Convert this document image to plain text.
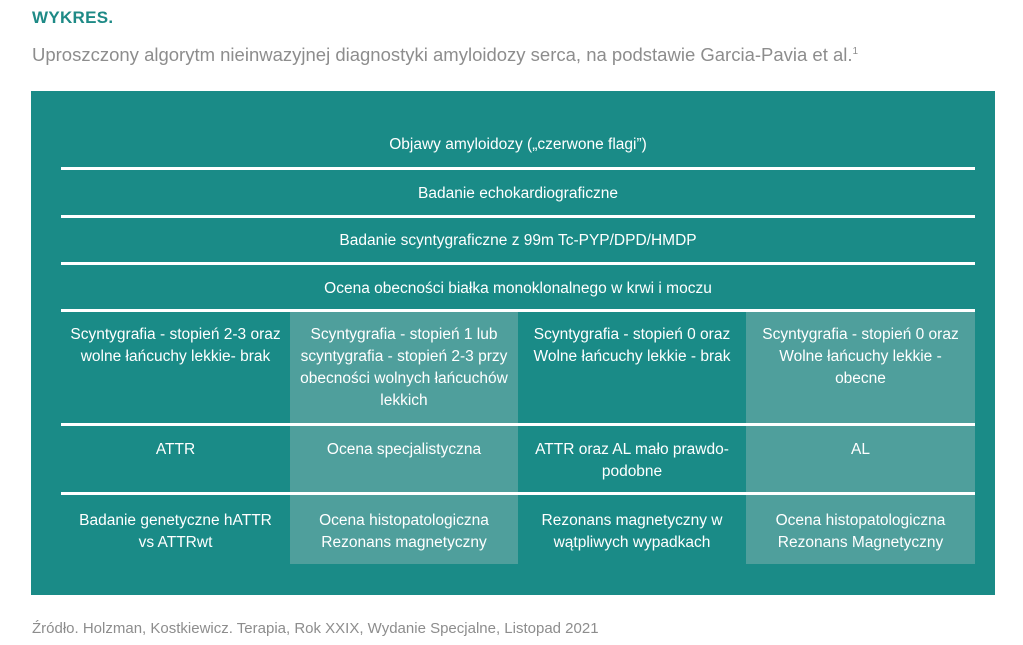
WYKRES.
Uproszczony algorytm nieinwazyjnej diagnostyki amyloidozy serca, na podstawie Garcia-Pavia et al.$^1$
Objawy amyloidozy („czerwone flagi”)
Badanie echokardiograficzne
Badanie scyntygraficzne z 99m Tc-PYP/DPD/HMDP
Ocena obecności białka monoklonalnego w krwi i moczu
Scyntygrafia - stopień 2-3 oraz wolne łańcuchy lekkie- brak
Scyntygrafia - stopień 1 lub scyntygrafia - stopień 2-3 przy obecności wolnych łańcuchów lekkich
Scyntygrafia - stopień 0 oraz Wolne łańcuchy lekkie - brak
Scyntygrafia - stopień 0 oraz Wolne łańcuchy lekkie - obecne
ATTR	Ocena specjalistyczna	ATTR oraz AL mało prawdo-podobne
AL
Badanie genetyczne hATTR vs ATTRwt
Ocena histopatologiczna Rezonans magnetyczny
Rezonans magnetyczny w wątpliwych wypadkach
Ocena histopatologiczna Rezonans Magnetyczny
Źródło. Holzman, Kostkiewicz. Terapia, Rok XXIX, Wydanie Specjalne, Listopad 2021
